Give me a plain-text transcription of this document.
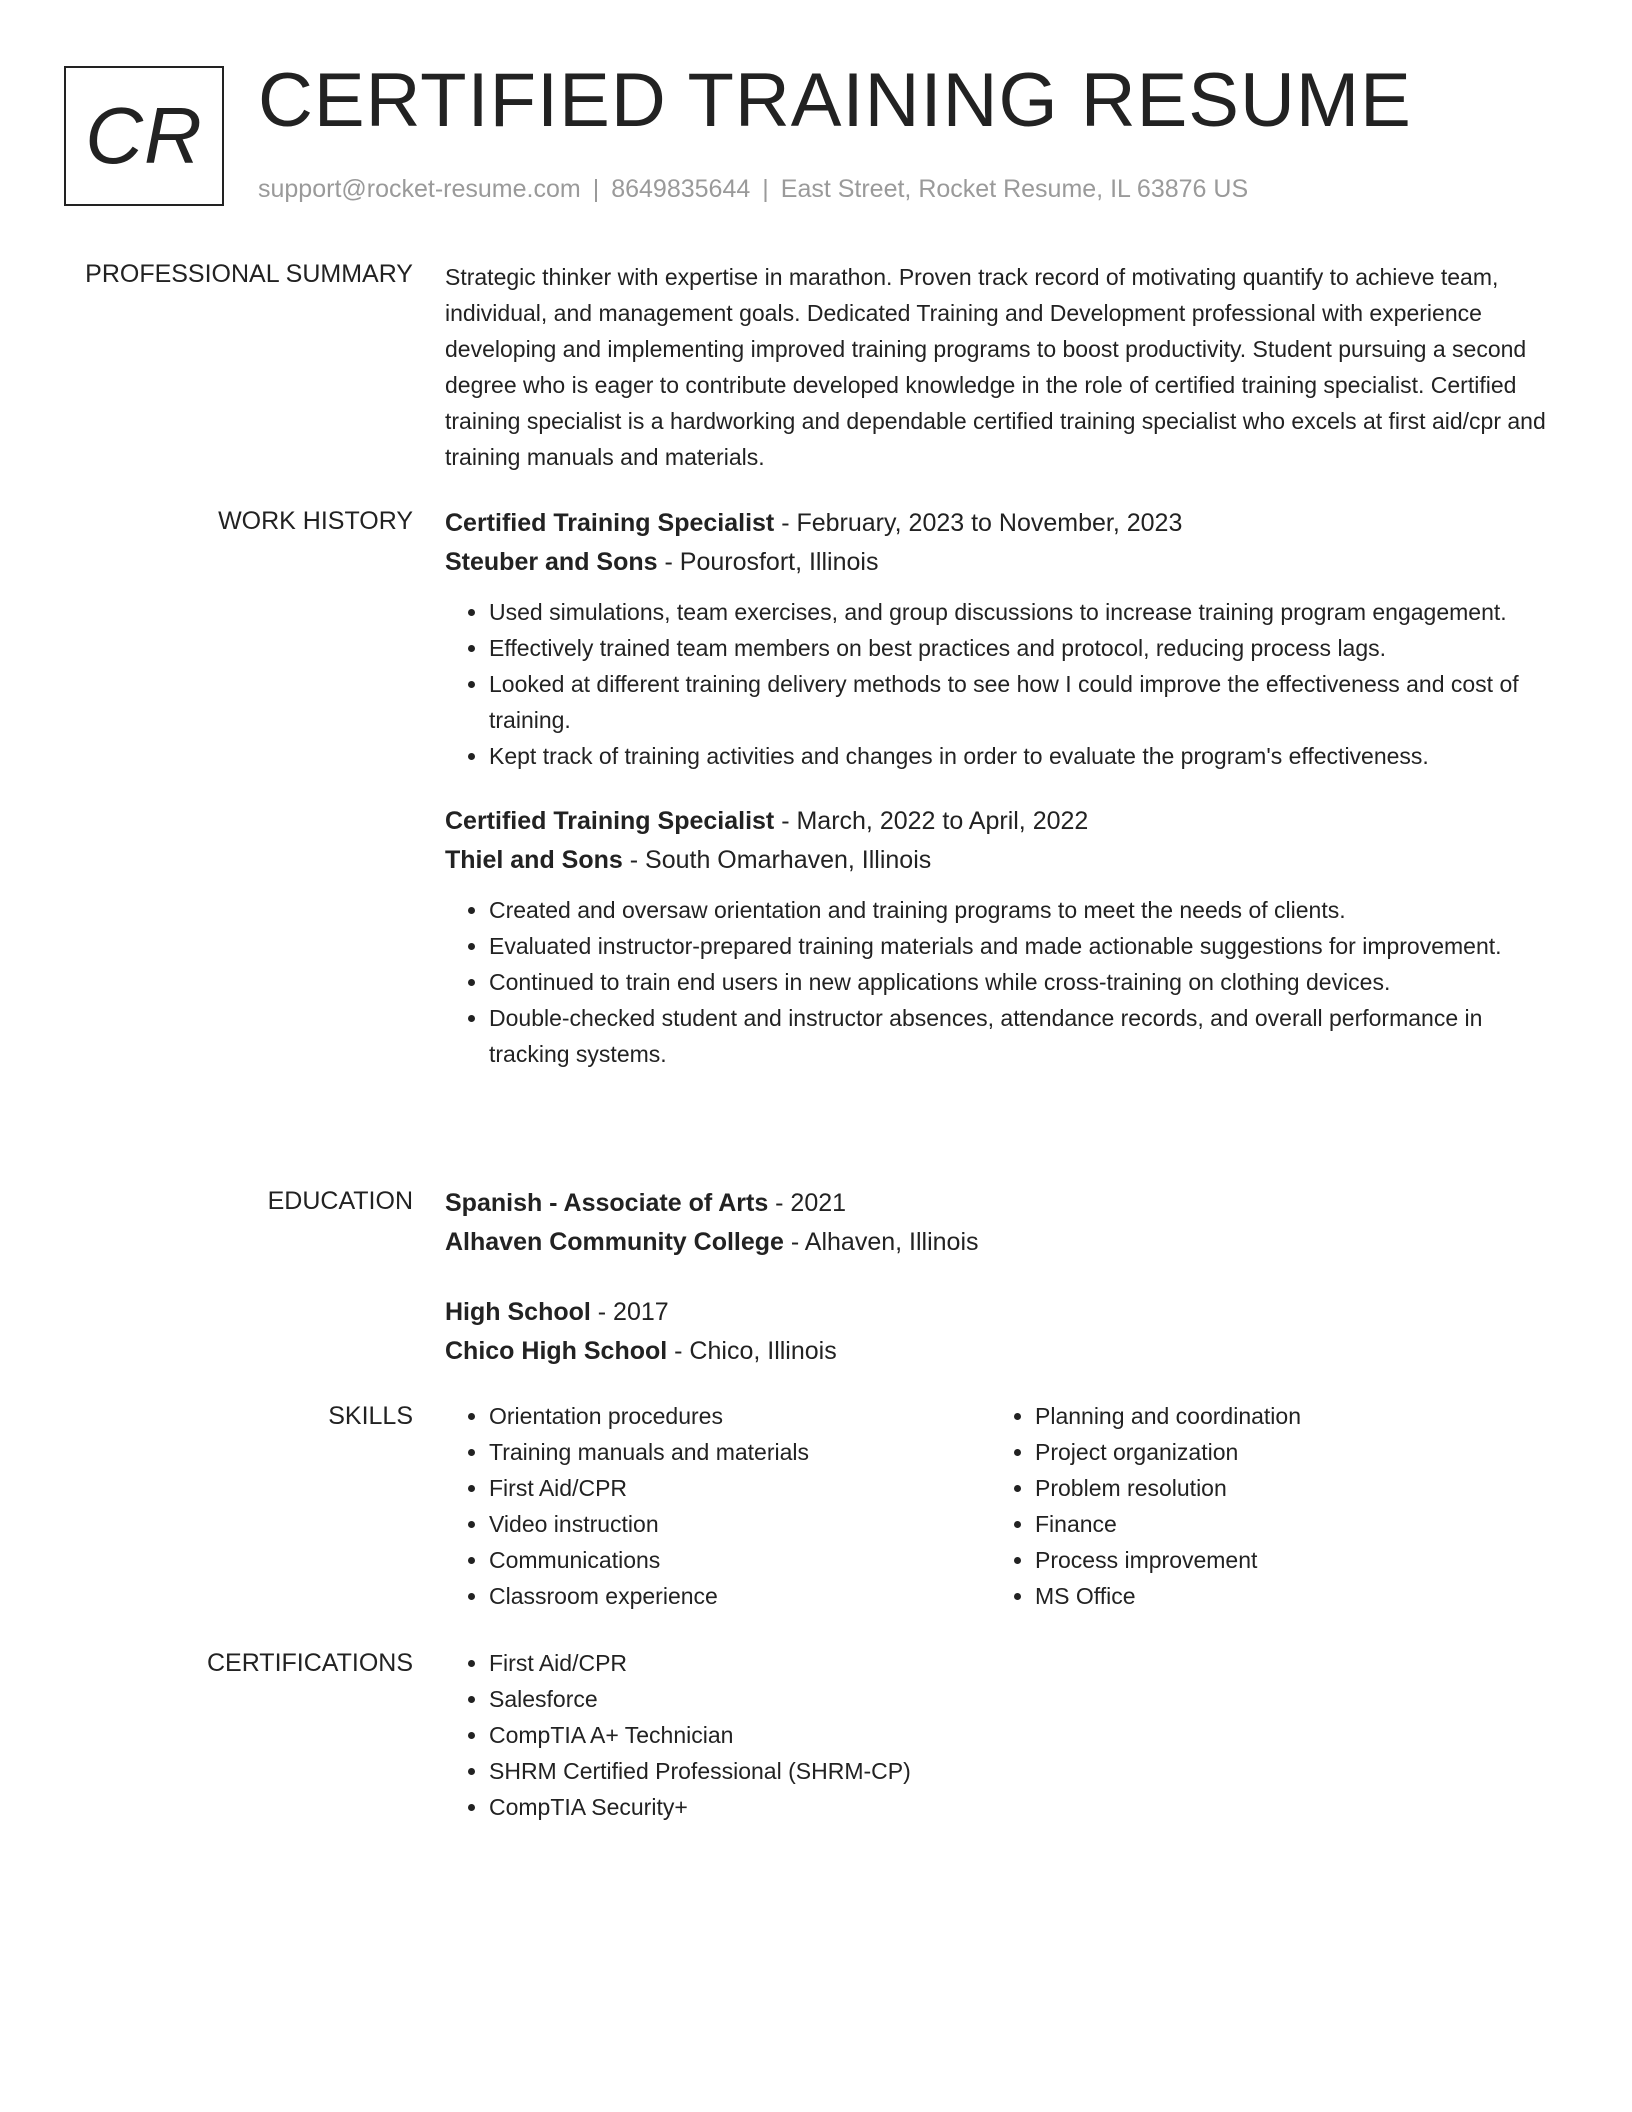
CR CERTIFIED TRAINING RESUME
support@rocket-resume.com | 8649835644 | East Street, Rocket Resume, IL 63876 US
PROFESSIONAL SUMMARY Strategic thinker with expertise in marathon. Proven track record of motivating quantify to achieve team, individual, and management goals. Dedicated Training and Development professional with experience developing and implementing improved training programs to boost productivity. Student pursuing a second degree who is eager to contribute developed knowledge in the role of certified training specialist. Certified training specialist is a hardworking and dependable certified training specialist who excels at first aid/cpr and training manuals and materials.

WORK HISTORY Certified Training Specialist - February, 2023 to November, 2023
Steuber and Sons - Pourosfort, Illinois
• Used simulations, team exercises, and group discussions to increase training program engagement.
• Effectively trained team members on best practices and protocol, reducing process lags.
• Looked at different training delivery methods to see how I could improve the effectiveness and cost of training.
• Kept track of training activities and changes in order to evaluate the program's effectiveness.
Certified Training Specialist - March, 2022 to April, 2022
Thiel and Sons - South Omarhaven, Illinois
• Created and oversaw orientation and training programs to meet the needs of clients.
• Evaluated instructor-prepared training materials and made actionable suggestions for improvement.
• Continued to train end users in new applications while cross-training on clothing devices.
• Double-checked student and instructor absences, attendance records, and overall performance in tracking systems.
EDUCATION Spanish - Associate of Arts - 2021
Alhaven Community College - Alhaven, Illinois
High School - 2017
Chico High School - Chico, Illinois
SKILLS	• Orientation procedures
• Training manuals and materials
• First Aid/CPR
• Video instruction
• Communications
• Classroom experience
• Planning and coordination
• Project organization
• Problem resolution
• Finance
• Process improvement
• MS Office
CERTIFICATIONS	• First Aid/CPR
• Salesforce
• CompTIA A+ Technician
• SHRM Certified Professional (SHRM-CP)
• CompTIA Security+
